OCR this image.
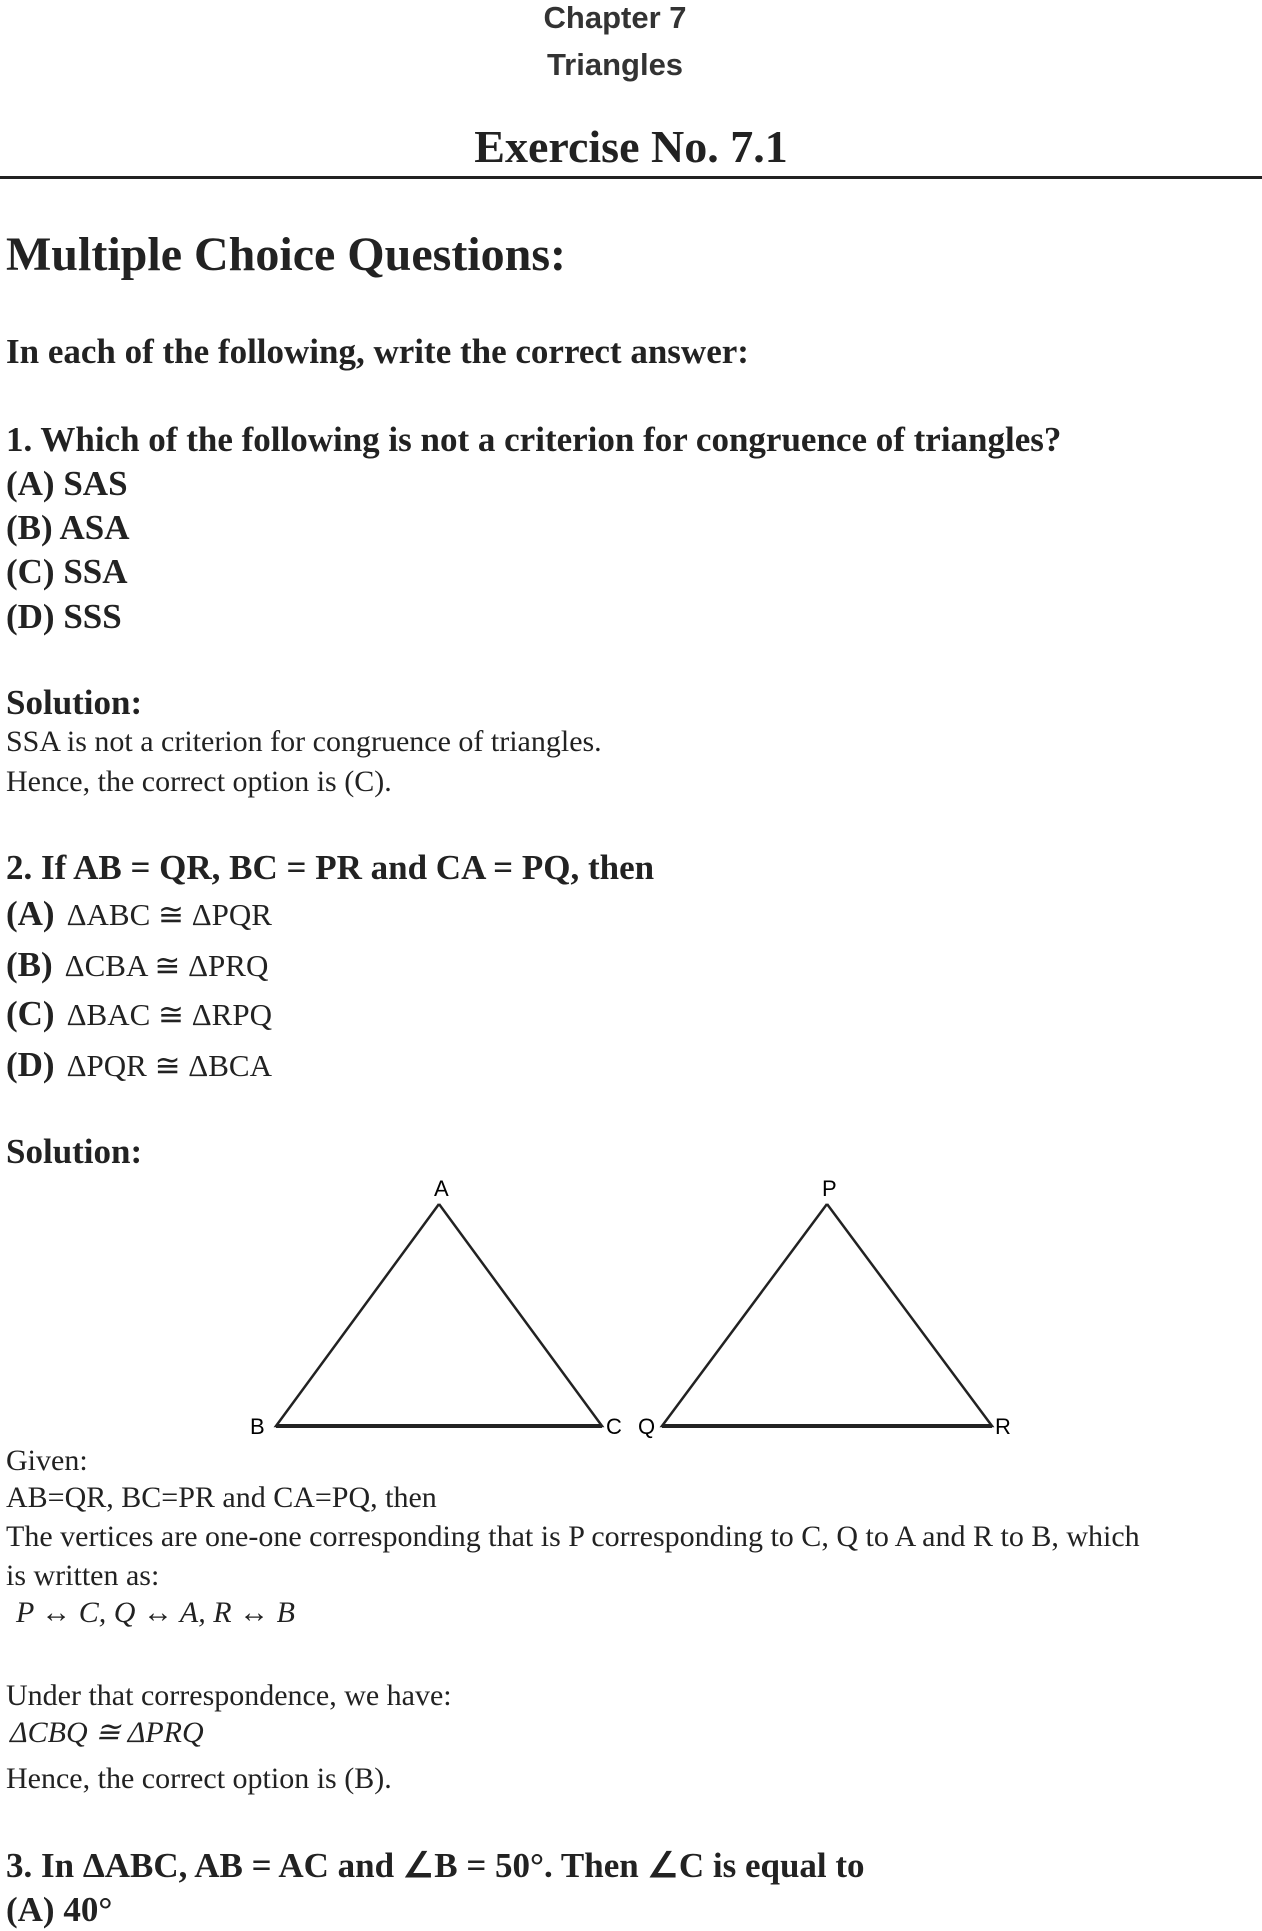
Chapter 7
Triangles
Exercise No. 7.1
Multiple Choice Questions:
In each of the following, write the correct answer:
1. Which of the following is not a criterion for congruence of triangles?
(A) SAS
(B) ASA
(C) SSA
(D) SSS
Solution:
SSA is not a criterion for congruence of triangles.
Hence, the correct option is (C).
2. If AB = QR, BC = PR and CA = PQ, then
(A) ΔABC ≅ ΔPQR
(B) ΔCBA ≅ ΔPRQ
(C) ΔBAC ≅ ΔRPQ
(D) ΔPQR ≅ ΔBCA
Solution:
A
B	C
P
Q	R
Given:
AB=QR, BC=PR and CA=PQ, then
The vertices are one-one corresponding that is P corresponding to C, Q to A and R to B, which
is written as:
P ↔ C, Q ↔ A, R ↔ B
Under that correspondence, we have:
ΔCBQ ≅ ΔPRQ
Hence, the correct option is (B).
3. In ΔABC, AB = AC and ∠B = 50°. Then ∠C is equal to
(A) 40°
